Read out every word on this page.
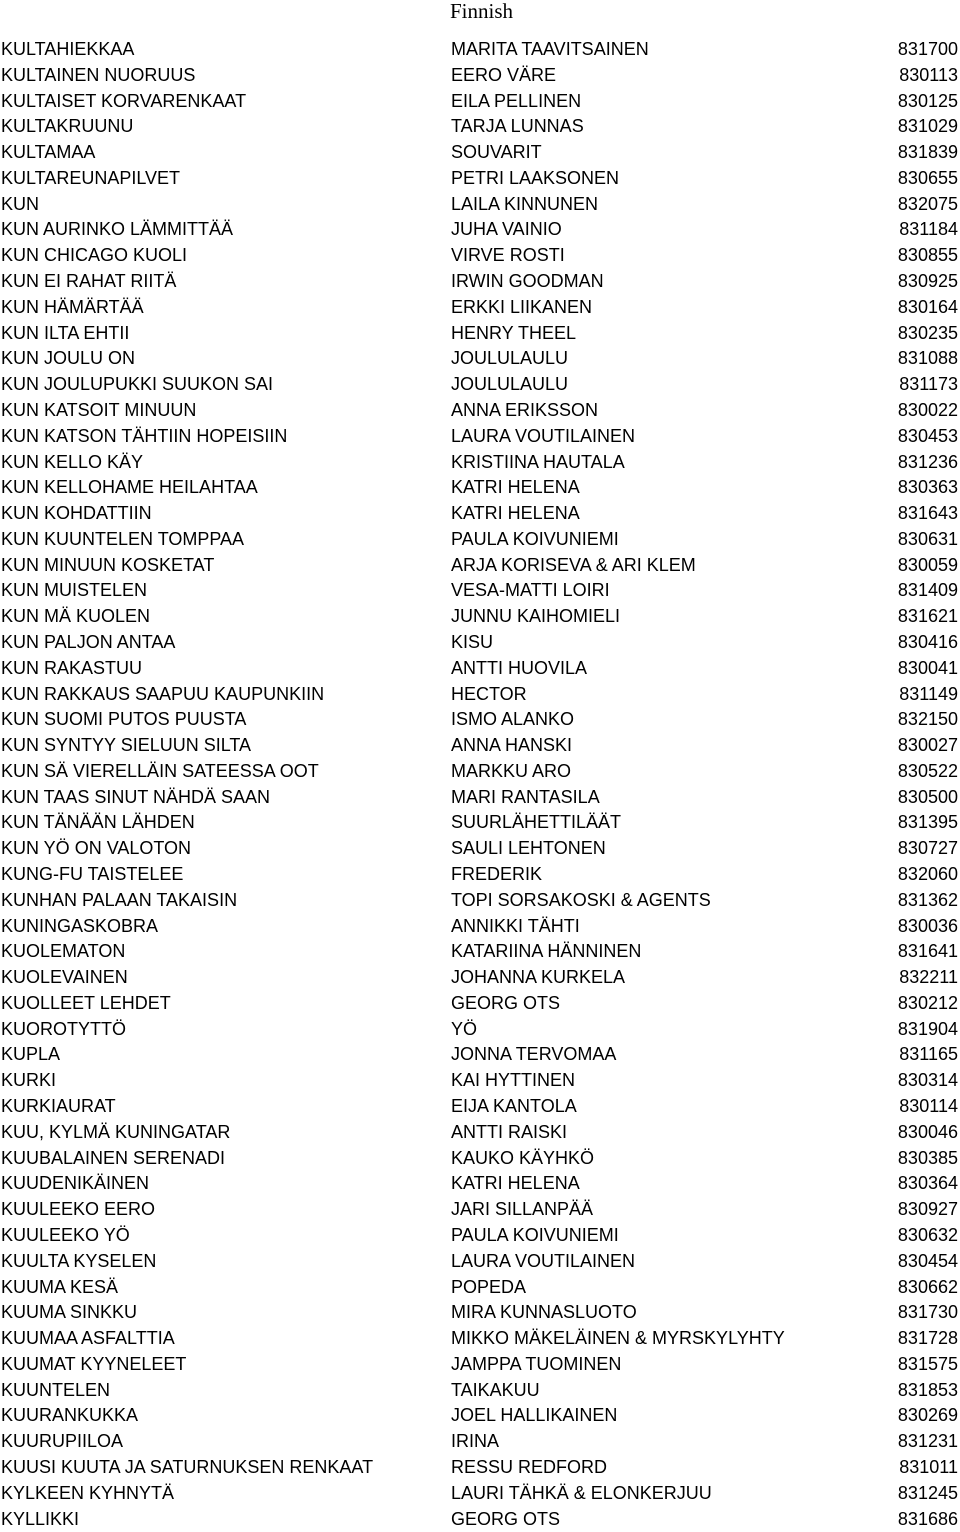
Finnish
KULTAHIEKKAA	MARITA TAAVITSAINEN	831700
KULTAINEN NUORUUS	EERO VÄRE	830113
KULTAISET KORVARENKAAT	EILA PELLINEN	830125
KULTAKRUUNU	TARJA LUNNAS	831029
KULTAMAA	SOUVARIT	831839
KULTAREUNAPILVET	PETRI LAAKSONEN	830655
KUN	LAILA KINNUNEN	832075
KUN AURINKO LÄMMITTÄÄ	JUHA VAINIO	831184
KUN CHICAGO KUOLI	VIRVE ROSTI	830855
KUN EI RAHAT RIITÄ	IRWIN GOODMAN	830925
KUN HÄMÄRTÄÄ	ERKKI LIIKANEN	830164
KUN ILTA EHTII	HENRY THEEL	830235
KUN JOULU ON	JOULULAULU	831088
KUN JOULUPUKKI SUUKON SAI	JOULULAULU	831173
KUN KATSOIT MINUUN	ANNA ERIKSSON	830022
KUN KATSON TÄHTIIN HOPEISIIN	LAURA VOUTILAINEN	830453
KUN KELLO KÄY	KRISTIINA HAUTALA	831236
KUN KELLOHAME HEILAHTAA	KATRI HELENA	830363
KUN KOHDATTIIN	KATRI HELENA	831643
KUN KUUNTELEN TOMPPAA	PAULA KOIVUNIEMI	830631
KUN MINUUN KOSKETAT	ARJA KORISEVA & ARI KLEM	830059
KUN MUISTELEN	VESA-MATTI LOIRI	831409
KUN MÄ KUOLEN	JUNNU KAIHOMIELI	831621
KUN PALJON ANTAA	KISU	830416
KUN RAKASTUU	ANTTI HUOVILA	830041
KUN RAKKAUS SAAPUU KAUPUNKIIN	HECTOR	831149
KUN SUOMI PUTOS PUUSTA	ISMO ALANKO	832150
KUN SYNTYY SIELUUN SILTA	ANNA HANSKI	830027
KUN SÄ VIERELLÄIN SATEESSA OOT	MARKKU ARO	830522
KUN TAAS SINUT NÄHDÄ SAAN	MARI RANTASILA	830500
KUN TÄNÄÄN LÄHDEN	SUURLÄHETTILÄÄT	831395
KUN YÖ ON VALOTON	SAULI LEHTONEN	830727
KUNG-FU TAISTELEE	FREDERIK	832060
KUNHAN PALAAN TAKAISIN	TOPI SORSAKOSKI & AGENTS	831362
KUNINGASKOBRA	ANNIKKI TÄHTI	830036
KUOLEMATON	KATARIINA HÄNNINEN	831641
KUOLEVAINEN	JOHANNA KURKELA	832211
KUOLLEET LEHDET	GEORG OTS	830212
KUOROTYTTÖ	YÖ	831904
KUPLA	JONNA TERVOMAA	831165
KURKI	KAI HYTTINEN	830314
KURKIAURAT	EIJA KANTOLA	830114
KUU, KYLMÄ KUNINGATAR	ANTTI RAISKI	830046
KUUBALAINEN SERENADI	KAUKO KÄYHKÖ	830385
KUUDENIKÄINEN	KATRI HELENA	830364
KUULEEKO EERO	JARI SILLANPÄÄ	830927
KUULEEKO YÖ	PAULA KOIVUNIEMI	830632
KUULTA KYSELEN	LAURA VOUTILAINEN	830454
KUUMA KESÄ	POPEDA	830662
KUUMA SINKKU	MIRA KUNNASLUOTO	831730
KUUMAA ASFALTTIA	MIKKO MÄKELÄINEN & MYRSKYLYHTY	831728
KUUMAT KYYNELEET	JAMPPA TUOMINEN	831575
KUUNTELEN	TAIKAKUU	831853
KUURANKUKKA	JOEL HALLIKAINEN	830269
KUURUPIILOA	IRINA	831231
KUUSI KUUTA JA SATURNUKSEN RENKAAT	RESSU REDFORD	831011
KYLKEEN KYHNYTÄ	LAURI TÄHKÄ & ELONKERJUU	831245
KYLLIKKI	GEORG OTS	831686
